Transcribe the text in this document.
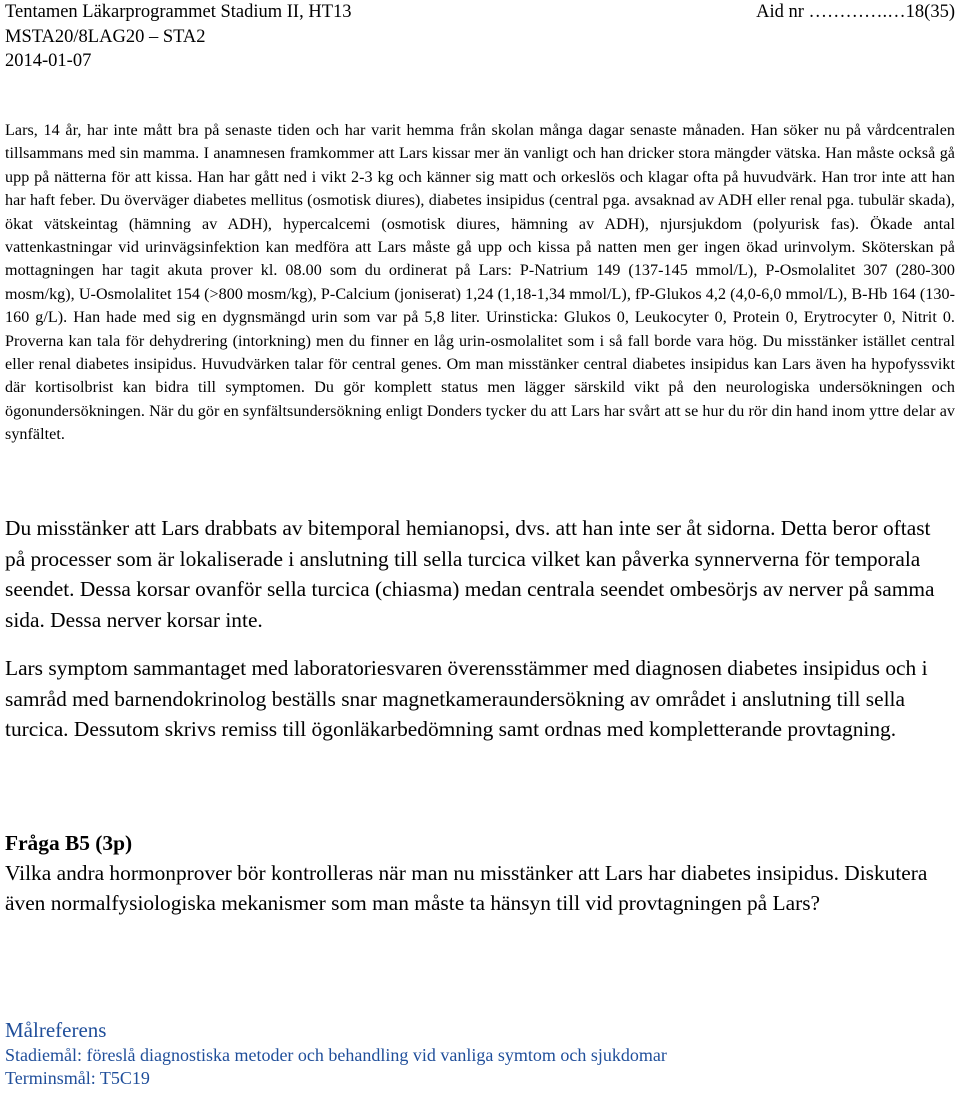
Tentamen Läkarprogrammet Stadium II, HT13
MSTA20/8LAG20 – STA2
2014-01-07
Aid nr ………….…18(35)
Lars, 14 år, har inte mått bra på senaste tiden och har varit hemma från skolan många dagar senaste månaden. Han söker nu på vårdcentralen tillsammans med sin mamma. I anamnesen framkommer att Lars kissar mer än vanligt och han dricker stora mängder vätska. Han måste också gå upp på nätterna för att kissa. Han har gått ned i vikt 2-3 kg och känner sig matt och orkeslös och klagar ofta på huvudvärk. Han tror inte att han har haft feber. Du överväger diabetes mellitus (osmotisk diures), diabetes insipidus (central pga. avsaknad av ADH eller renal pga. tubulär skada), ökat vätskeintag (hämning av ADH), hypercalcemi (osmotisk diures, hämning av ADH), njursjukdom (polyurisk fas). Ökade antal vattenkastningar vid urinvägsinfektion kan medföra att Lars måste gå upp och kissa på natten men ger ingen ökad urinvolym. Sköterskan på mottagningen har tagit akuta prover kl. 08.00 som du ordinerat på Lars: P-Natrium 149 (137-145 mmol/L), P-Osmolalitet 307 (280-300 mosm/kg), U-Osmolalitet 154 (>800 mosm/kg), P-Calcium (joniserat) 1,24 (1,18-1,34 mmol/L), fP-Glukos 4,2 (4,0-6,0 mmol/L), B-Hb 164 (130-160 g/L). Han hade med sig en dygnsmängd urin som var på 5,8 liter. Urinsticka: Glukos 0, Leukocyter 0, Protein 0, Erytrocyter 0, Nitrit 0. Proverna kan tala för dehydrering (intorkning) men du finner en låg urin-osmolalitet som i så fall borde vara hög. Du misstänker istället central eller renal diabetes insipidus. Huvudvärken talar för central genes. Om man misstänker central diabetes insipidus kan Lars även ha hypofyssvikt där kortisolbrist kan bidra till symptomen. Du gör komplett status men lägger särskild vikt på den neurologiska undersökningen och ögonundersökningen. När du gör en synfältsundersökning enligt Donders tycker du att Lars har svårt att se hur du rör din hand inom yttre delar av synfältet.
Du misstänker att Lars drabbats av bitemporal hemianopsi, dvs. att han inte ser åt sidorna. Detta beror oftast på processer som är lokaliserade i anslutning till sella turcica vilket kan påverka synnerverna för temporala seendet. Dessa korsar ovanför sella turcica (chiasma) medan centrala seendet ombesörjs av nerver på samma sida. Dessa nerver korsar inte.
Lars symptom sammantaget med laboratoriesvaren överensstämmer med diagnosen diabetes insipidus och i samråd med barnendokrinolog beställs snar magnetkameraundersökning av området i anslutning till sella turcica. Dessutom skrivs remiss till ögonläkarbedömning samt ordnas med kompletterande provtagning.
Fråga B5 (3p)
Vilka andra hormonprover bör kontrolleras när man nu misstänker att Lars har diabetes insipidus. Diskutera även normalfysiologiska mekanismer som man måste ta hänsyn till vid provtagningen på Lars?
Målreferens
Stadiemål: föreslå diagnostiska metoder och behandling vid vanliga symtom och sjukdomar
Terminsmål: T5C19
